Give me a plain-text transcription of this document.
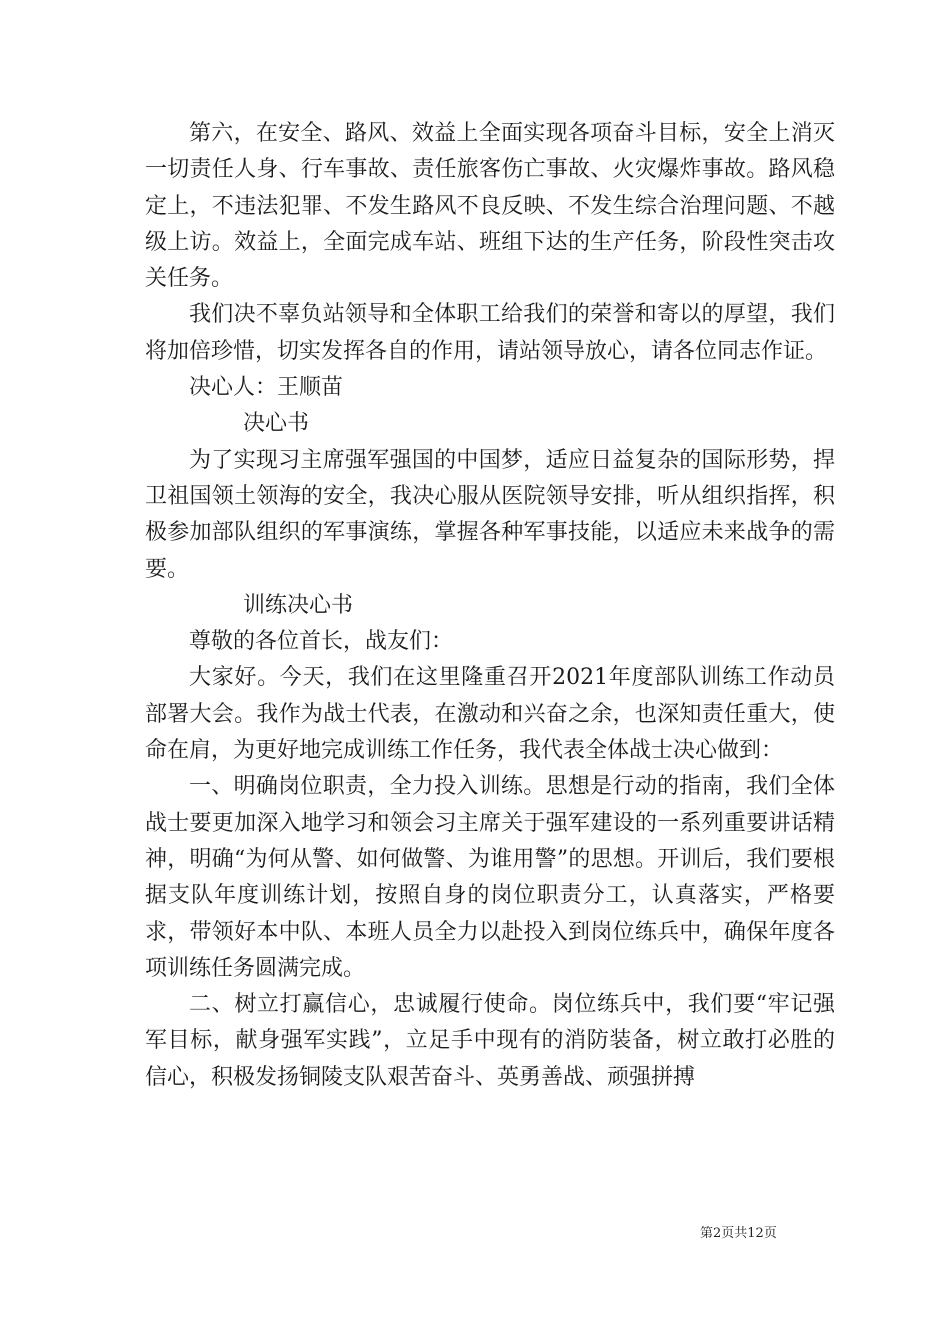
第六，在安全、路风、效益上全面实现各项奋斗目标，安全上消灭一切责任人身、行车事故、责任旅客伤亡事故、火灾爆炸事故。路风稳定上，不违法犯罪、不发生路风不良反映、不发生综合治理问题、不越级上访。效益上，全面完成车站、班组下达的生产任务，阶段性突击攻关任务。

我们决不辜负站领导和全体职工给我们的荣誉和寄以的厚望，我们将加倍珍惜，切实发挥各自的作用，请站领导放心，请各位同志作证。

决心人：王顺苗

决心书

为了实现习主席强军强国的中国梦，适应日益复杂的国际形势，捍卫祖国领土领海的安全，我决心服从医院领导安排，听从组织指挥，积极参加部队组织的军事演练，掌握各种军事技能，以适应未来战争的需要。

训练决心书

尊敬的各位首长，战友们：

大家好。今天，我们在这里隆重召开2021年度部队训练工作动员部署大会。我作为战士代表，在激动和兴奋之余，也深知责任重大，使命在肩，为更好地完成训练工作任务，我代表全体战士决心做到：

一、明确岗位职责，全力投入训练。思想是行动的指南，我们全体战士要更加深入地学习和领会习主席关于强军建设的一系列重要讲话精神，明确“为何从警、如何做警、为谁用警”的思想。开训后，我们要根据支队年度训练计划，按照自身的岗位职责分工，认真落实，严格要求，带领好本中队、本班人员全力以赴投入到岗位练兵中，确保年度各项训练任务圆满完成。

二、树立打赢信心，忠诚履行使命。岗位练兵中，我们要“牢记强军目标，献身强军实践”，立足手中现有的消防装备，树立敢打必胜的信心，积极发扬铜陵支队艰苦奋斗、英勇善战、顽强拼搏

第2页共12页
